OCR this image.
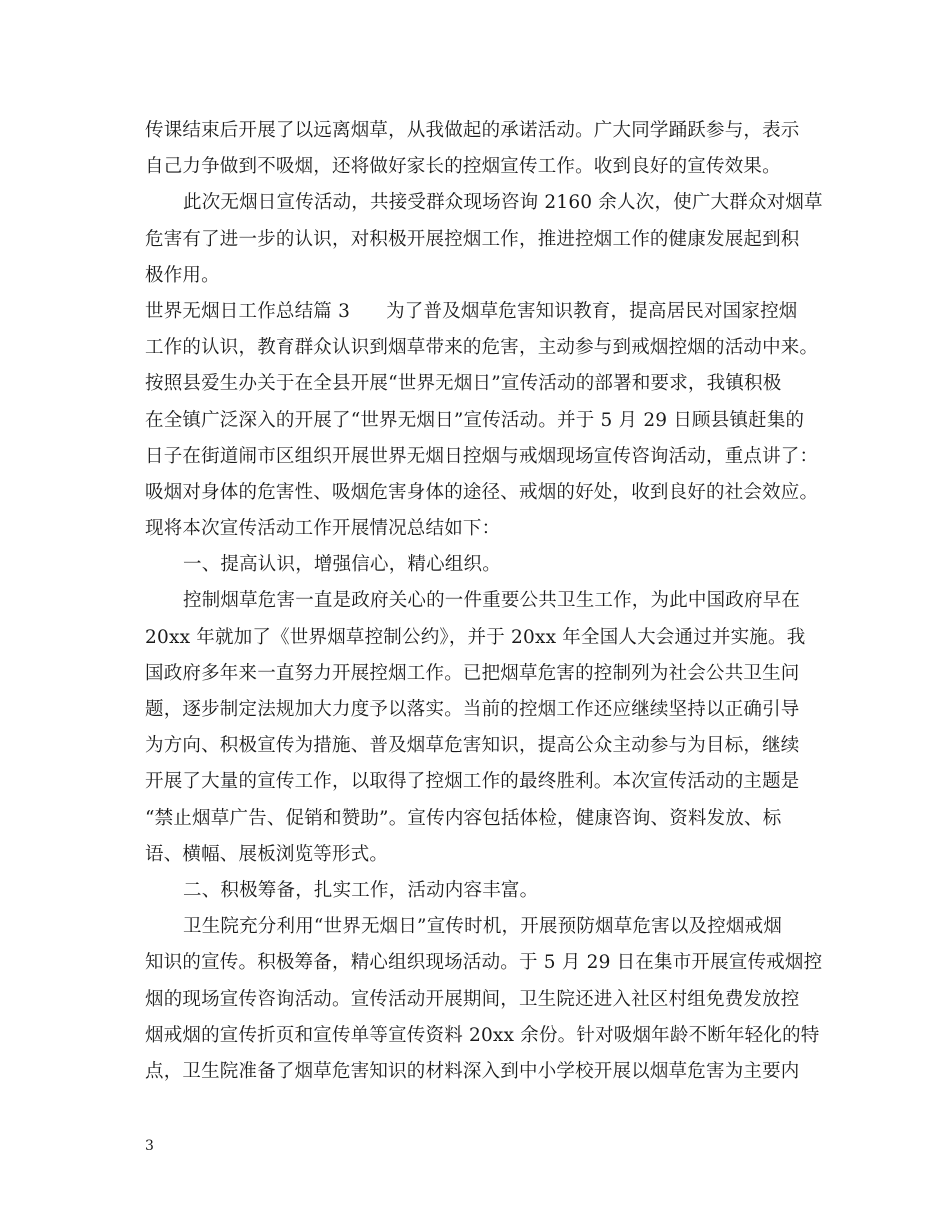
传课结束后开展了以远离烟草，从我做起的承诺活动。广大同学踊跃参与，表示
自己力争做到不吸烟，还将做好家长的控烟宣传工作。收到良好的宣传效果。
此次无烟日宣传活动，共接受群众现场咨询 2160 余人次，使广大群众对烟草
危害有了进一步的认识，对积极开展控烟工作，推进控烟工作的健康发展起到积
极作用。
世界无烟日工作总结篇 3 为了普及烟草危害知识教育，提高居民对国家控烟
工作的认识，教育群众认识到烟草带来的危害，主动参与到戒烟控烟的活动中来。
按照县爱生办关于在全县开展“世界无烟日”宣传活动的部署和要求，我镇积极
在全镇广泛深入的开展了“世界无烟日”宣传活动。并于 5 月 29 日顾县镇赶集的
日子在街道闹市区组织开展世界无烟日控烟与戒烟现场宣传咨询活动，重点讲了：
吸烟对身体的危害性、吸烟危害身体的途径、戒烟的好处，收到良好的社会效应。
现将本次宣传活动工作开展情况总结如下：
一、提高认识，增强信心，精心组织。
控制烟草危害一直是政府关心的一件重要公共卫生工作，为此中国政府早在
20xx 年就加了《世界烟草控制公约》，并于 20xx 年全国人大会通过并实施。我
国政府多年来一直努力开展控烟工作。已把烟草危害的控制列为社会公共卫生问
题，逐步制定法规加大力度予以落实。当前的控烟工作还应继续坚持以正确引导
为方向、积极宣传为措施、普及烟草危害知识，提高公众主动参与为目标，继续
开展了大量的宣传工作，以取得了控烟工作的最终胜利。本次宣传活动的主题是
“禁止烟草广告、促销和赞助”。宣传内容包括体检，健康咨询、资料发放、标
语、横幅、展板浏览等形式。
二、积极筹备，扎实工作，活动内容丰富。
卫生院充分利用“世界无烟日”宣传时机，开展预防烟草危害以及控烟戒烟
知识的宣传。积极筹备，精心组织现场活动。于 5 月 29 日在集市开展宣传戒烟控
烟的现场宣传咨询活动。宣传活动开展期间，卫生院还进入社区村组免费发放控
烟戒烟的宣传折页和宣传单等宣传资料 20xx 余份。针对吸烟年龄不断年轻化的特
点，卫生院准备了烟草危害知识的材料深入到中小学校开展以烟草危害为主要内
3
